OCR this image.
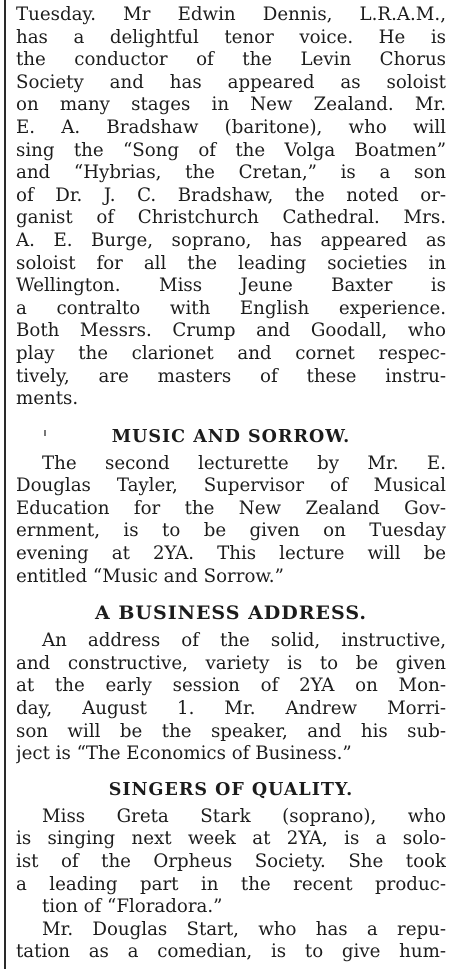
Tuesday. Mr Edwin Dennis, L.R.A.M.,
has a delightful tenor voice. He is
the conductor of the Levin Chorus
Society and has appeared as soloist
on many stages in New Zealand. Mr.
E. A. Bradshaw (baritone), who will
sing the “Song of the Volga Boatmen”
and “Hybrias, the Cretan,” is a son
of Dr. J. C. Bradshaw, the noted or-
ganist of Christchurch Cathedral. Mrs.
A. E. Burge, soprano, has appeared as
soloist for all the leading societies in
Wellington. Miss Jeune Baxter is
a contralto with English experience.
Both Messrs. Crump and Goodall, who
play the clarionet and cornet respec-
tively, are masters of these instru-
ments.
MUSIC AND SORROW.
The second lecturette by Mr. E.
Douglas Tayler, Supervisor of Musical
Education for the New Zealand Gov-
ernment, is to be given on Tuesday
evening at 2YA. This lecture will be
entitled “Music and Sorrow.”
A BUSINESS ADDRESS.
An address of the solid, instructive,
and constructive, variety is to be given
at the early session of 2YA on Mon-
day, August 1. Mr. Andrew Morri-
son will be the speaker, and his sub-
ject is “The Economics of Business.”
SINGERS OF QUALITY.
Miss Greta Stark (soprano), who
is singing next week at 2YA, is a solo-
ist of the Orpheus Society. She took
a leading part in the recent produc-
tion of “Floradora.”
Mr. Douglas Start, who has a repu-
tation as a comedian, is to give hum-
